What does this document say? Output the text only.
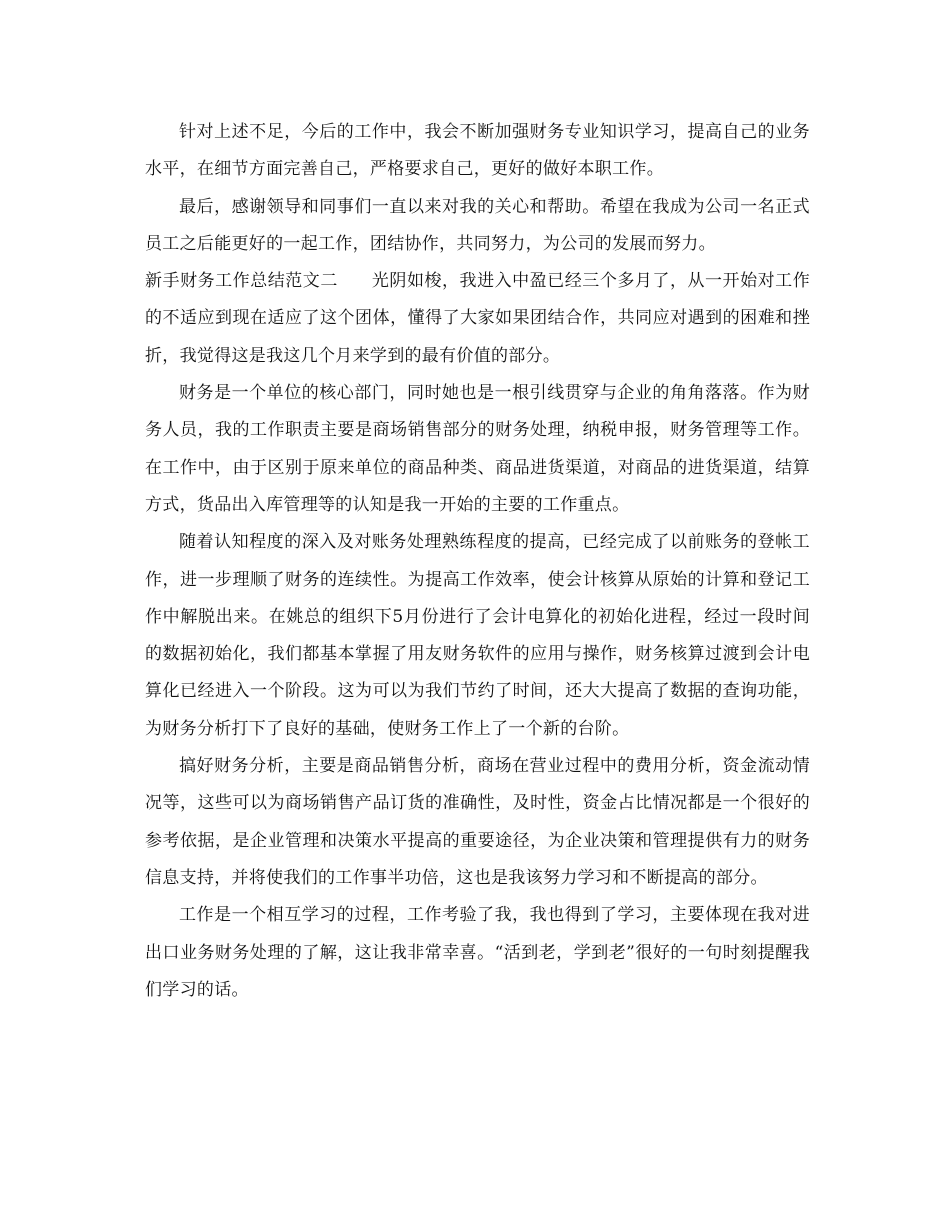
针对上述不足，今后的工作中，我会不断加强财务专业知识学习，提高自己的业务水平，在细节方面完善自己，严格要求自己，更好的做好本职工作。

最后，感谢领导和同事们一直以来对我的关心和帮助。希望在我成为公司一名正式员工之后能更好的一起工作，团结协作，共同努力，为公司的发展而努力。

新手财务工作总结范文二 光阴如梭，我进入中盈已经三个多月了，从一开始对工作的不适应到现在适应了这个团体，懂得了大家如果团结合作，共同应对遇到的困难和挫折，我觉得这是我这几个月来学到的最有价值的部分。

财务是一个单位的核心部门，同时她也是一根引线贯穿与企业的角角落落。作为财务人员，我的工作职责主要是商场销售部分的财务处理，纳税申报，财务管理等工作。在工作中，由于区别于原来单位的商品种类、商品进货渠道，对商品的进货渠道，结算方式，货品出入库管理等的认知是我一开始的主要的工作重点。

随着认知程度的深入及对账务处理熟练程度的提高，已经完成了以前账务的登帐工作，进一步理顺了财务的连续性。为提高工作效率，使会计核算从原始的计算和登记工作中解脱出来。在姚总的组织下5月份进行了会计电算化的初始化进程，经过一段时间的数据初始化，我们都基本掌握了用友财务软件的应用与操作，财务核算过渡到会计电算化已经进入一个阶段。这为可以为我们节约了时间，还大大提高了数据的查询功能，为财务分析打下了良好的基础，使财务工作上了一个新的台阶。

搞好财务分析，主要是商品销售分析，商场在营业过程中的费用分析，资金流动情况等，这些可以为商场销售产品订货的准确性，及时性，资金占比情况都是一个很好的参考依据，是企业管理和决策水平提高的重要途径，为企业决策和管理提供有力的财务信息支持，并将使我们的工作事半功倍，这也是我该努力学习和不断提高的部分。

工作是一个相互学习的过程，工作考验了我，我也得到了学习，主要体现在我对进出口业务财务处理的了解，这让我非常幸喜。“活到老，学到老”很好的一句时刻提醒我们学习的话。
